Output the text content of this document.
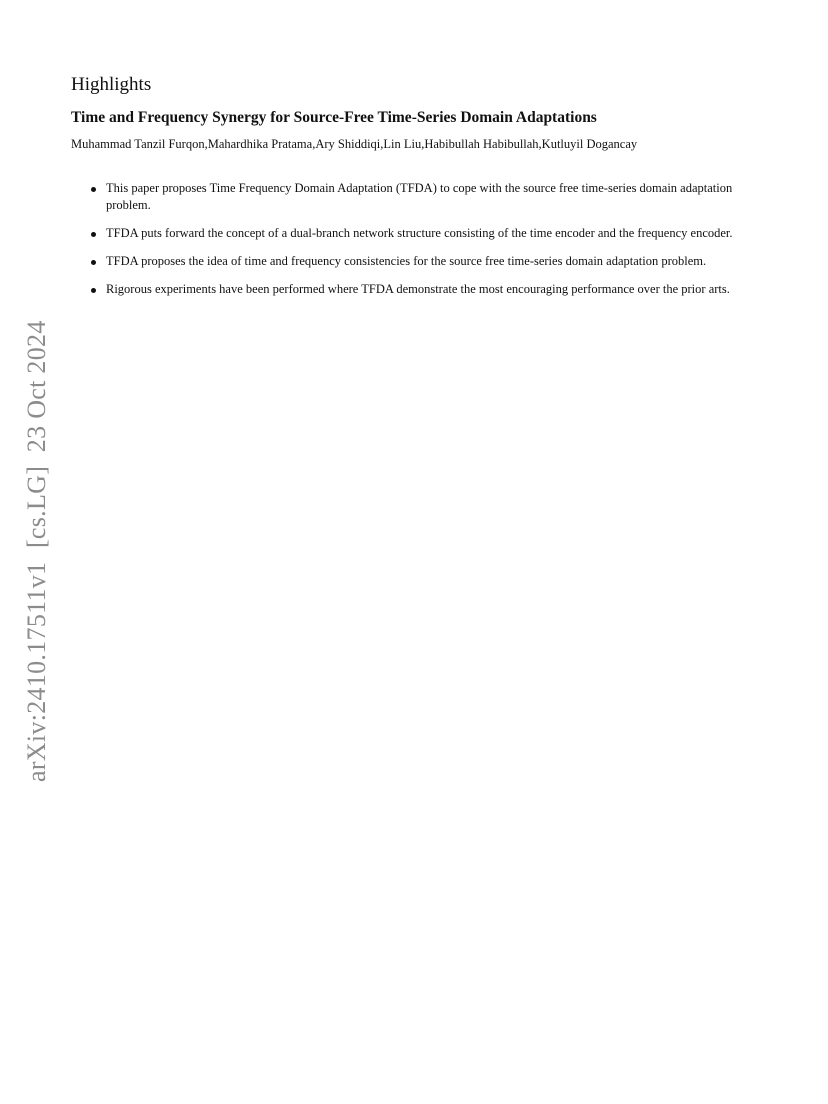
Highlights
Time and Frequency Synergy for Source-Free Time-Series Domain Adaptations

Muhammad Tanzil Furqon,Mahardhika Pratama,Ary Shiddiqi,Lin Liu,Habibullah Habibullah,Kutluyil Dogancay

This paper proposes Time Frequency Domain Adaptation (TFDA) to cope with the source free time-series domain adaptation problem.
TFDA puts forward the concept of a dual-branch network structure consisting of the time encoder and the frequency encoder.
TFDA proposes the idea of time and frequency consistencies for the source free time-series domain adaptation problem.
Rigorous experiments have been performed where TFDA demonstrate the most encouraging performance over the prior arts.
arXiv:2410.17511v1  [cs.LG]  23 Oct 2024
